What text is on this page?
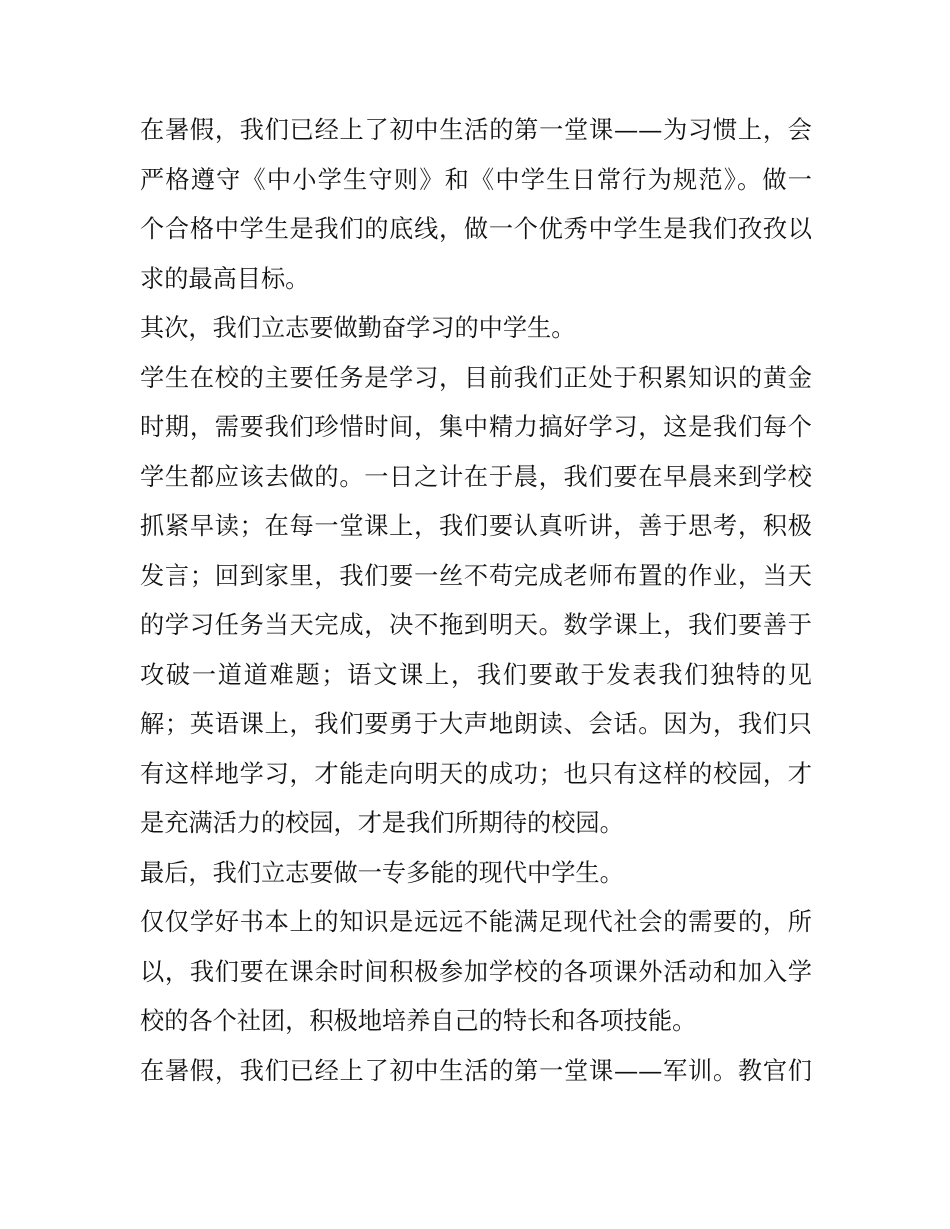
在暑假，我们已经上了初中生活的第一堂课——为习惯上，会
严格遵守《中小学生守则》和《中学生日常行为规范》。做一
个合格中学生是我们的底线，做一个优秀中学生是我们孜孜以
求的最高目标。
其次，我们立志要做勤奋学习的中学生。
学生在校的主要任务是学习，目前我们正处于积累知识的黄金
时期，需要我们珍惜时间，集中精力搞好学习，这是我们每个
学生都应该去做的。一日之计在于晨，我们要在早晨来到学校
抓紧早读；在每一堂课上，我们要认真听讲，善于思考，积极
发言；回到家里，我们要一丝不苟完成老师布置的作业，当天
的学习任务当天完成，决不拖到明天。数学课上，我们要善于
攻破一道道难题；语文课上，我们要敢于发表我们独特的见
解；英语课上，我们要勇于大声地朗读、会话。因为，我们只
有这样地学习，才能走向明天的成功；也只有这样的校园，才
是充满活力的校园，才是我们所期待的校园。
最后，我们立志要做一专多能的现代中学生。
仅仅学好书本上的知识是远远不能满足现代社会的需要的，所
以，我们要在课余时间积极参加学校的各项课外活动和加入学
校的各个社团，积极地培养自己的特长和各项技能。
在暑假，我们已经上了初中生活的第一堂课——军训。教官们
